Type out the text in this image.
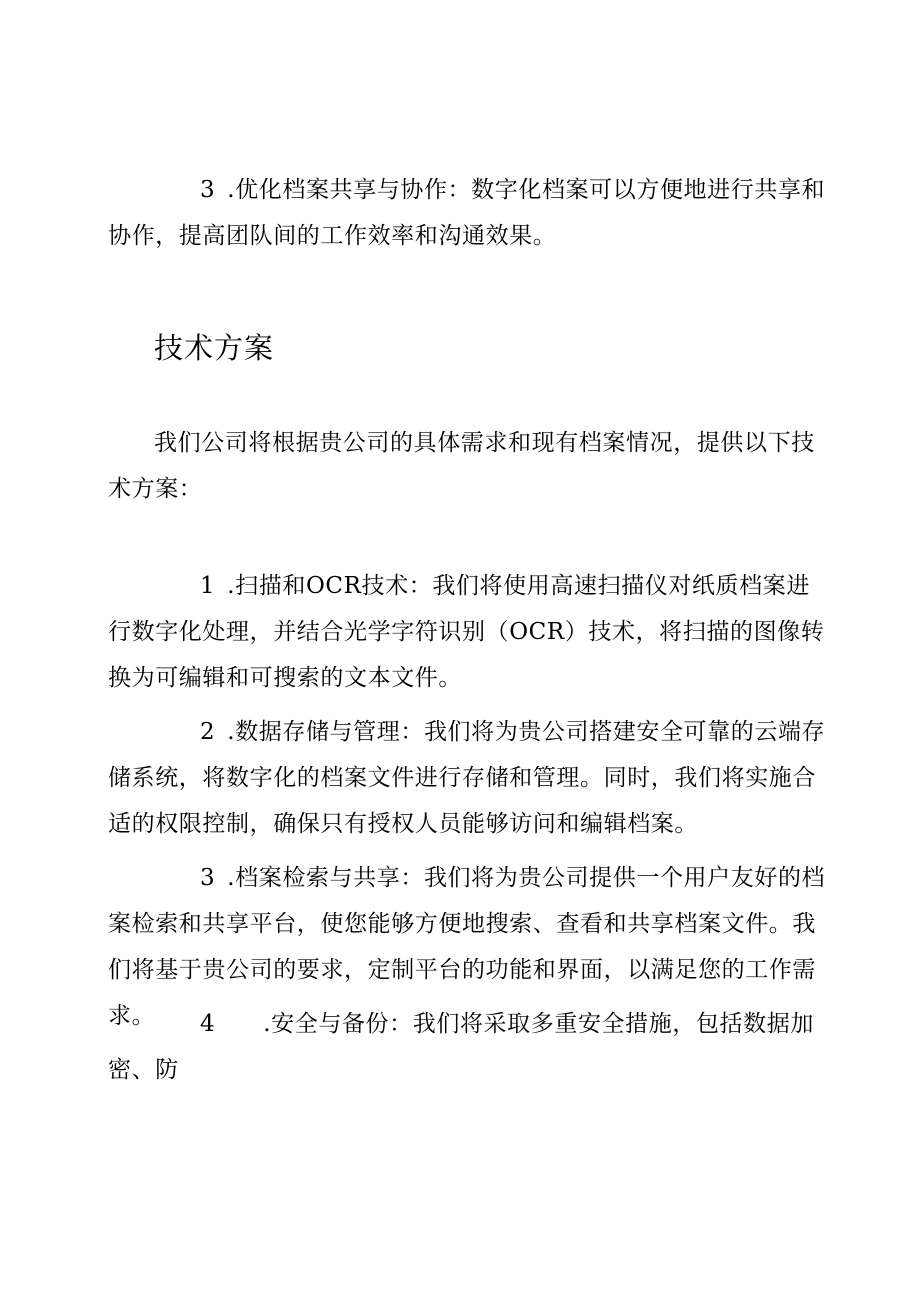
3 .优化档案共享与协作：数字化档案可以方便地进行共享和协作，提高团队间的工作效率和沟通效果。

技术方案

我们公司将根据贵公司的具体需求和现有档案情况，提供以下技术方案：

1 .扫描和OCR技术：我们将使用高速扫描仪对纸质档案进行数字化处理，并结合光学字符识别（OCR）技术，将扫描的图像转换为可编辑和可搜索的文本文件。

2 .数据存储与管理：我们将为贵公司搭建安全可靠的云端存储系统，将数字化的档案文件进行存储和管理。同时，我们将实施合适的权限控制，确保只有授权人员能够访问和编辑档案。

3 .档案检索与共享：我们将为贵公司提供一个用户友好的档案检索和共享平台，使您能够方便地搜索、查看和共享档案文件。我们将基于贵公司的要求，定制平台的功能和界面，以满足您的工作需求。	4 .安全与备份：我们将采取多重安全措施，包括数据加密、防
